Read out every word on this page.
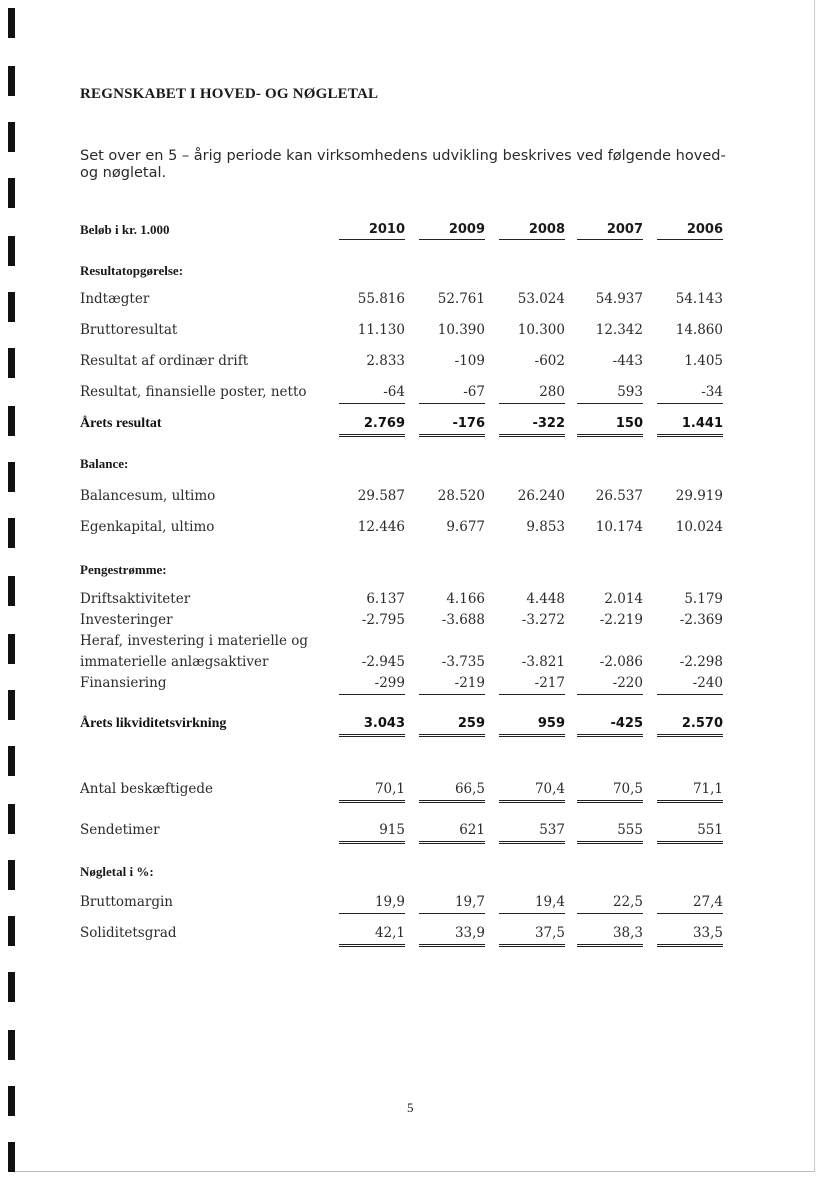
REGNSKABET I HOVED- OG NØGLETAL
Set over en 5 – årig periode kan virksomhedens udvikling beskrives ved følgende hoved- og nøgletal.
Beløb i kr. 1.000	2010	2009	2008	2007	2006
Resultatopgørelse:
Balance:
Pengestrømme:
Nøgletal i %:
Indtægter	55.816	52.761	53.024	54.937	54.143
Bruttoresultat	11.130	10.390	10.300	12.342	14.860
Resultat af ordinær drift	2.833	-109	-602	-443	1.405
Resultat, finansielle poster, netto	-64	-67	280	593	-34
Årets resultat	2.769	-176	-322	150	1.441
Balancesum, ultimo	29.587	28.520	26.240	26.537	29.919
Egenkapital, ultimo	12.446	9.677	9.853	10.174	10.024
Driftsaktiviteter	6.137	4.166	4.448	2.014	5.179
Investeringer	-2.795	-3.688	-3.272	-2.219	-2.369
Heraf, investering i materielle og
immaterielle anlægsaktiver	-2.945	-3.735	-3.821	-2.086	-2.298
Finansiering	-299	-219	-217	-220	-240
Årets likviditetsvirkning	3.043	259	959	-425	2.570
Antal beskæftigede	70,1	66,5	70,4	70,5	71,1
Sendetimer	915	621	537	555	551
Bruttomargin	19,9	19,7	19,4	22,5	27,4
Soliditetsgrad	42,1	33,9	37,5	38,3	33,5
5
